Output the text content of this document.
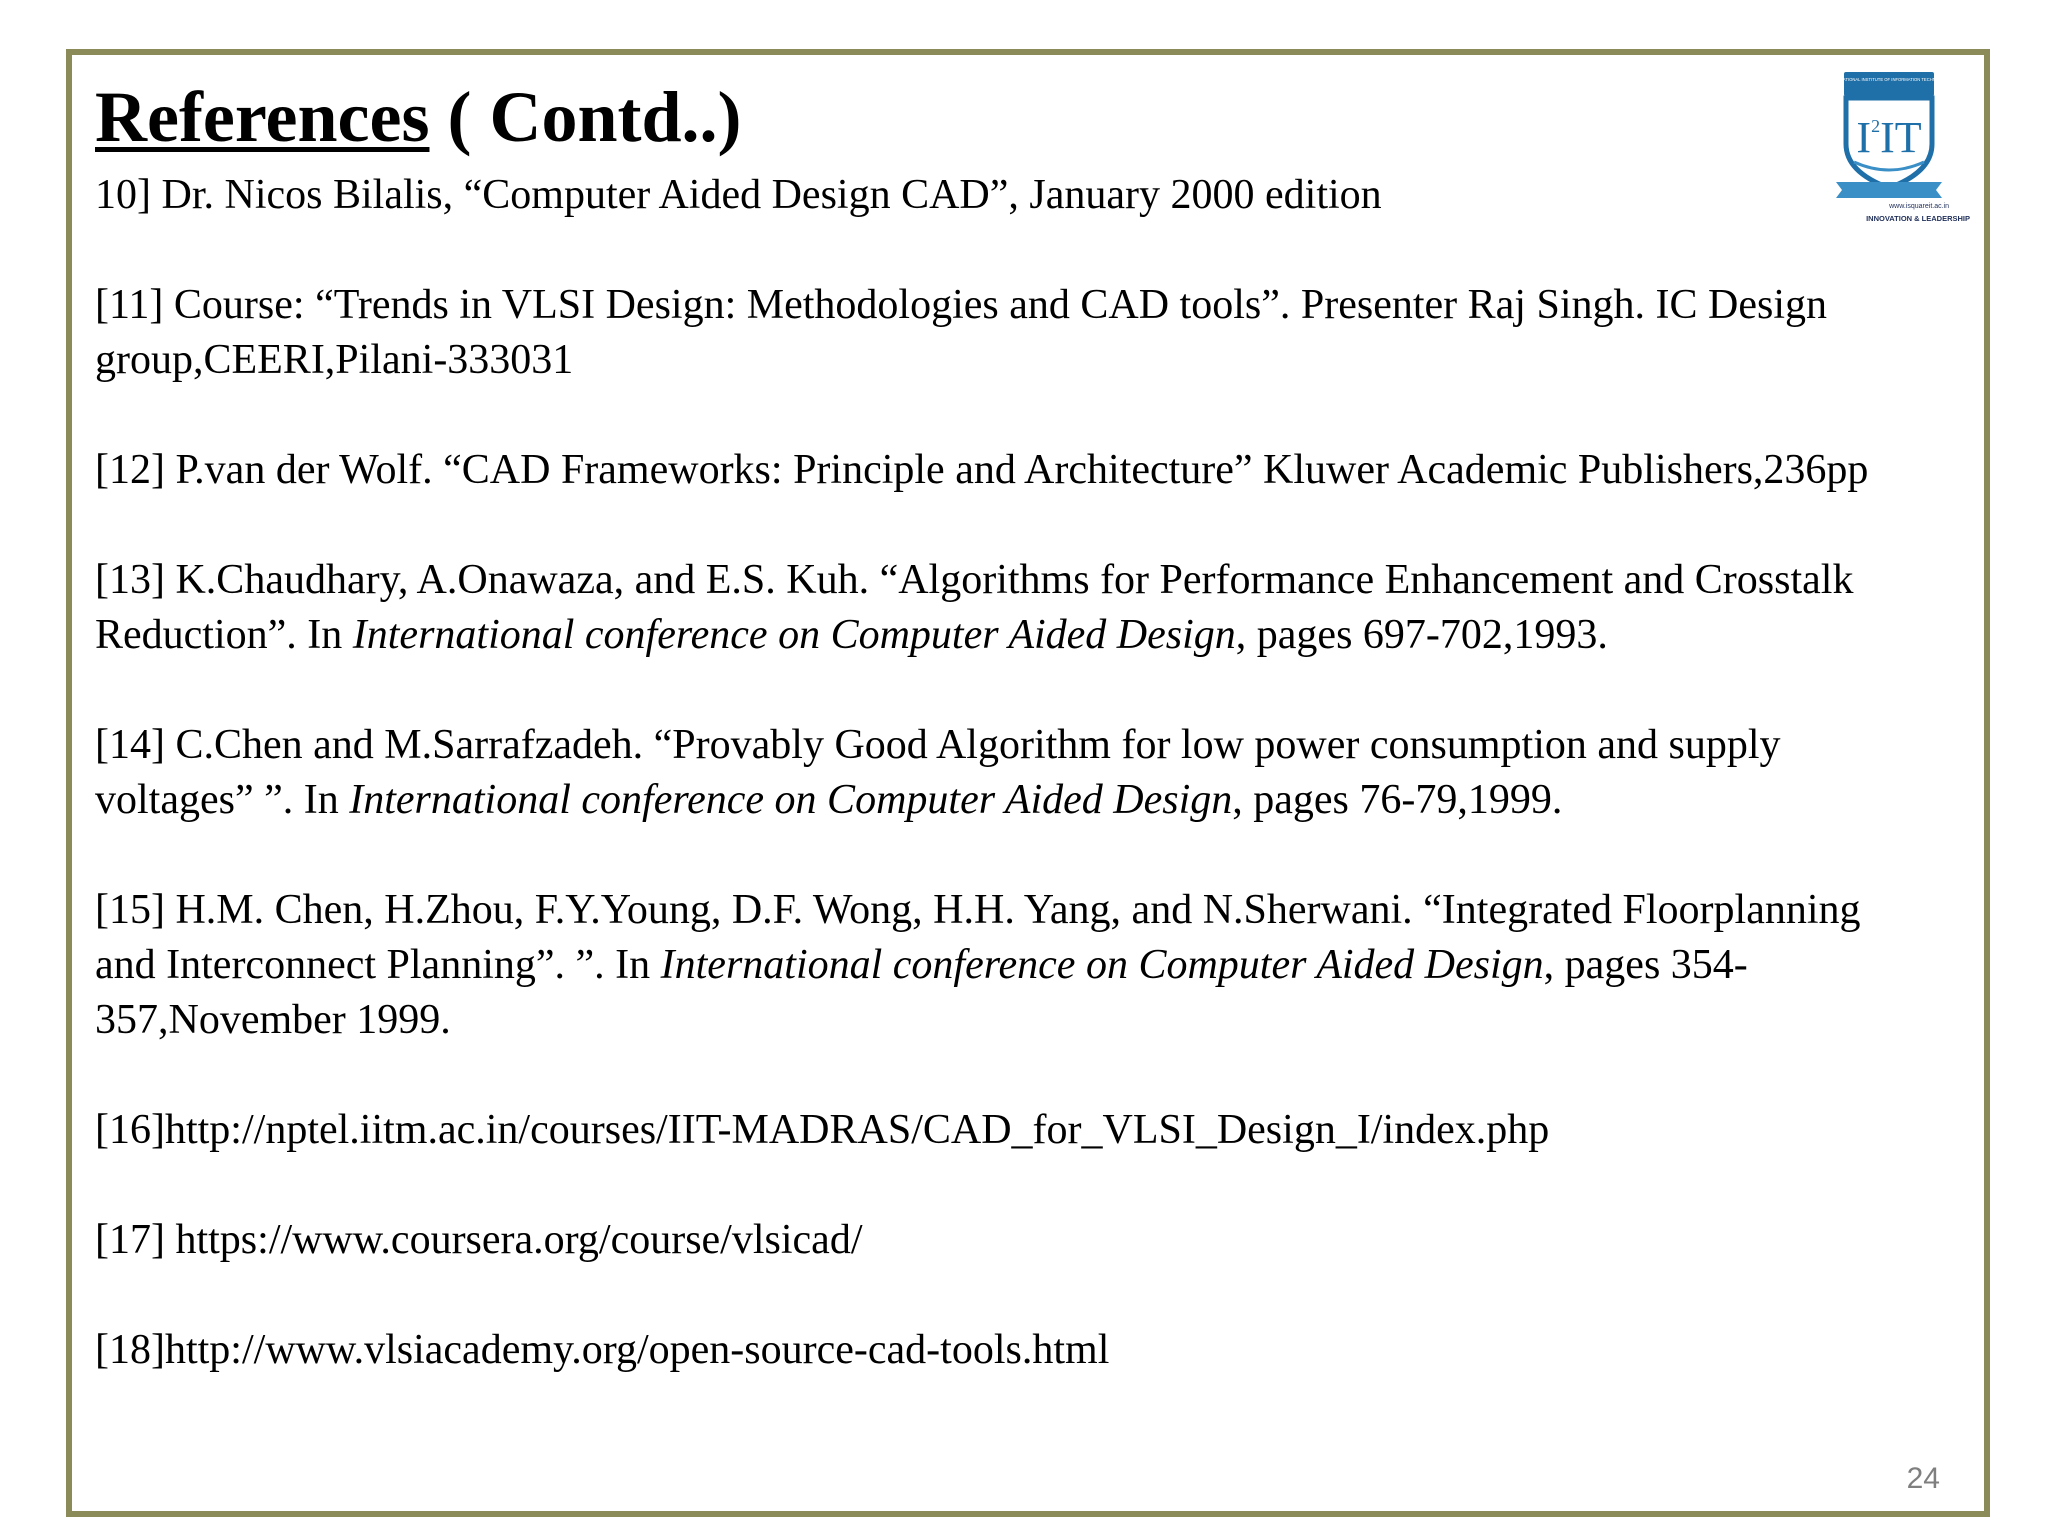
References ( Contd..)	INTERNATIONAL INSTITUTE OF INFORMATION TECHNOLOGY
$I^2IT$
www.isquareit.ac.in
INNOVATION & LEADERSHIP

10] Dr. Nicos Bilalis, “Computer Aided Design CAD”, January 2000 edition

[11] Course: “Trends in VLSI Design: Methodologies and CAD tools”. Presenter Raj Singh. IC Design group,CEERI,Pilani-333031

[12] P.van der Wolf. “CAD Frameworks: Principle and Architecture” Kluwer Academic Publishers,236pp

[13] K.Chaudhary, A.Onawaza, and E.S. Kuh. “Algorithms for Performance Enhancement and Crosstalk Reduction”. In International conference on Computer Aided Design, pages 697-702,1993.

[14] C.Chen and M.Sarrafzadeh. “Provably Good Algorithm for low power consumption and supply voltages” ”. In International conference on Computer Aided Design, pages 76-79,1999.

[15] H.M. Chen, H.Zhou, F.Y.Young, D.F. Wong, H.H. Yang, and N.Sherwani. “Integrated Floorplanning and Interconnect Planning”. ”. In International conference on Computer Aided Design, pages 354-357,November 1999.

[16]http://nptel.iitm.ac.in/courses/IIT-MADRAS/CAD_for_VLSI_Design_I/index.php

[17] https://www.coursera.org/course/vlsicad/

[18]http://www.vlsiacademy.org/open-source-cad-tools.html

24
